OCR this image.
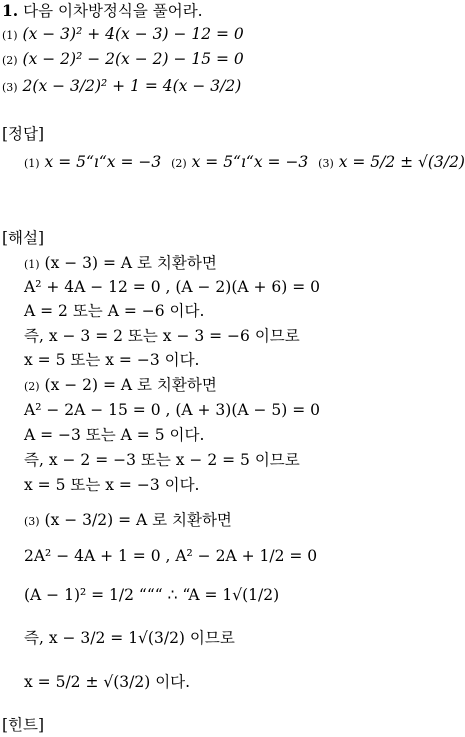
1. 다음 이차방정식을 풀어라.
(1) (x − 3)² + 4(x − 3) − 12 = 0
(2) (x − 2)² − 2(x − 2) − 15 = 0
(3) 2(x − 3/2)² + 1 = 4(x − 3/2)
[정답]
(1) x = 5“ı“x = −3 (2) x = 5“ı“x = −3 (3) x = 5/2 ± √(3/2)
[해설]
(1) (x − 3) = A 로 치환하면
A² + 4A − 12 = 0 , (A − 2)(A + 6) = 0
A = 2 또는 A = −6 이다.
즉, x − 3 = 2 또는 x − 3 = −6 이므로
x = 5 또는 x = −3 이다.
(2) (x − 2) = A 로 치환하면
A² − 2A − 15 = 0 , (A + 3)(A − 5) = 0
A = −3 또는 A = 5 이다.
즉, x − 2 = −3 또는 x − 2 = 5 이므로
x = 5 또는 x = −3 이다.
(3) (x − 3/2) = A 로 치환하면
2A² − 4A + 1 = 0 , A² − 2A + 1/2 = 0
(A − 1)² = 1/2 “““ ∴ “A = 1√(1/2)
즉, x − 3/2 = 1√(3/2) 이므로
x = 5/2 ± √(3/2) 이다.
[힌트]
